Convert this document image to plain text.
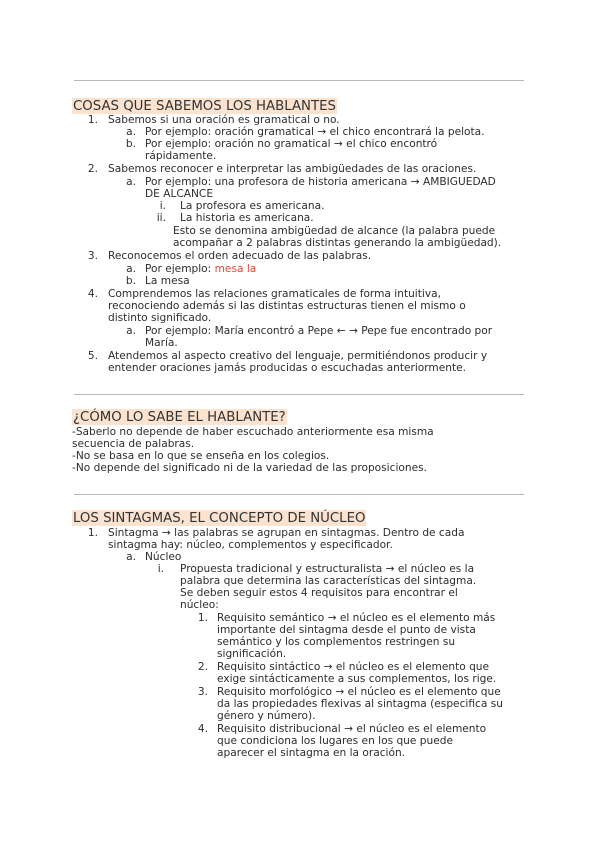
COSAS QUE SABEMOS LOS HABLANTES
1. Sabemos si una oración es gramatical o no.
a. Por ejemplo: oración gramatical → el chico encontrará la pelota.
b. Por ejemplo: oración no gramatical → el chico encontró
rápidamente.
2. Sabemos reconocer e interpretar las ambigüedades de las oraciones.
a. Por ejemplo: una profesora de historia americana → AMBIGUEDAD
DE ALCANCE
i. La profesora es americana.
ii. La historia es americana.
Esto se denomina ambigüedad de alcance (la palabra puede
acompañar a 2 palabras distintas generando la ambigüedad).
3. Reconocemos el orden adecuado de las palabras.
a. Por ejemplo: mesa la
b. La mesa
4. Comprendemos las relaciones gramaticales de forma intuitiva,
reconociendo además si las distintas estructuras tienen el mismo o
distinto significado.
a. Por ejemplo: María encontró a Pepe ← → Pepe fue encontrado por
María.
5. Atendemos al aspecto creativo del lenguaje, permitiéndonos producir y
entender oraciones jamás producidas o escuchadas anteriormente.
¿CÓMO LO SABE EL HABLANTE?
-Saberlo no depende de haber escuchado anteriormente esa misma
secuencia de palabras.
-No se basa en lo que se enseña en los colegios.
-No depende del significado ni de la variedad de las proposiciones.
LOS SINTAGMAS, EL CONCEPTO DE NÚCLEO
1. Sintagma → las palabras se agrupan en sintagmas. Dentro de cada
sintagma hay: núcleo, complementos y especificador.
a. Núcleo
i. Propuesta tradicional y estructuralista → el núcleo es la
palabra que determina las características del sintagma.
Se deben seguir estos 4 requisitos para encontrar el
núcleo:
1. Requisito semántico → el núcleo es el elemento más
importante del sintagma desde el punto de vista
semántico y los complementos restringen su
significación.
2. Requisito sintáctico → el núcleo es el elemento que
exige sintácticamente a sus complementos, los rige.
3. Requisito morfológico → el núcleo es el elemento que
da las propiedades flexivas al sintagma (especifica su
género y número).
4. Requisito distribucional → el núcleo es el elemento
que condiciona los lugares en los que puede
aparecer el sintagma en la oración.
